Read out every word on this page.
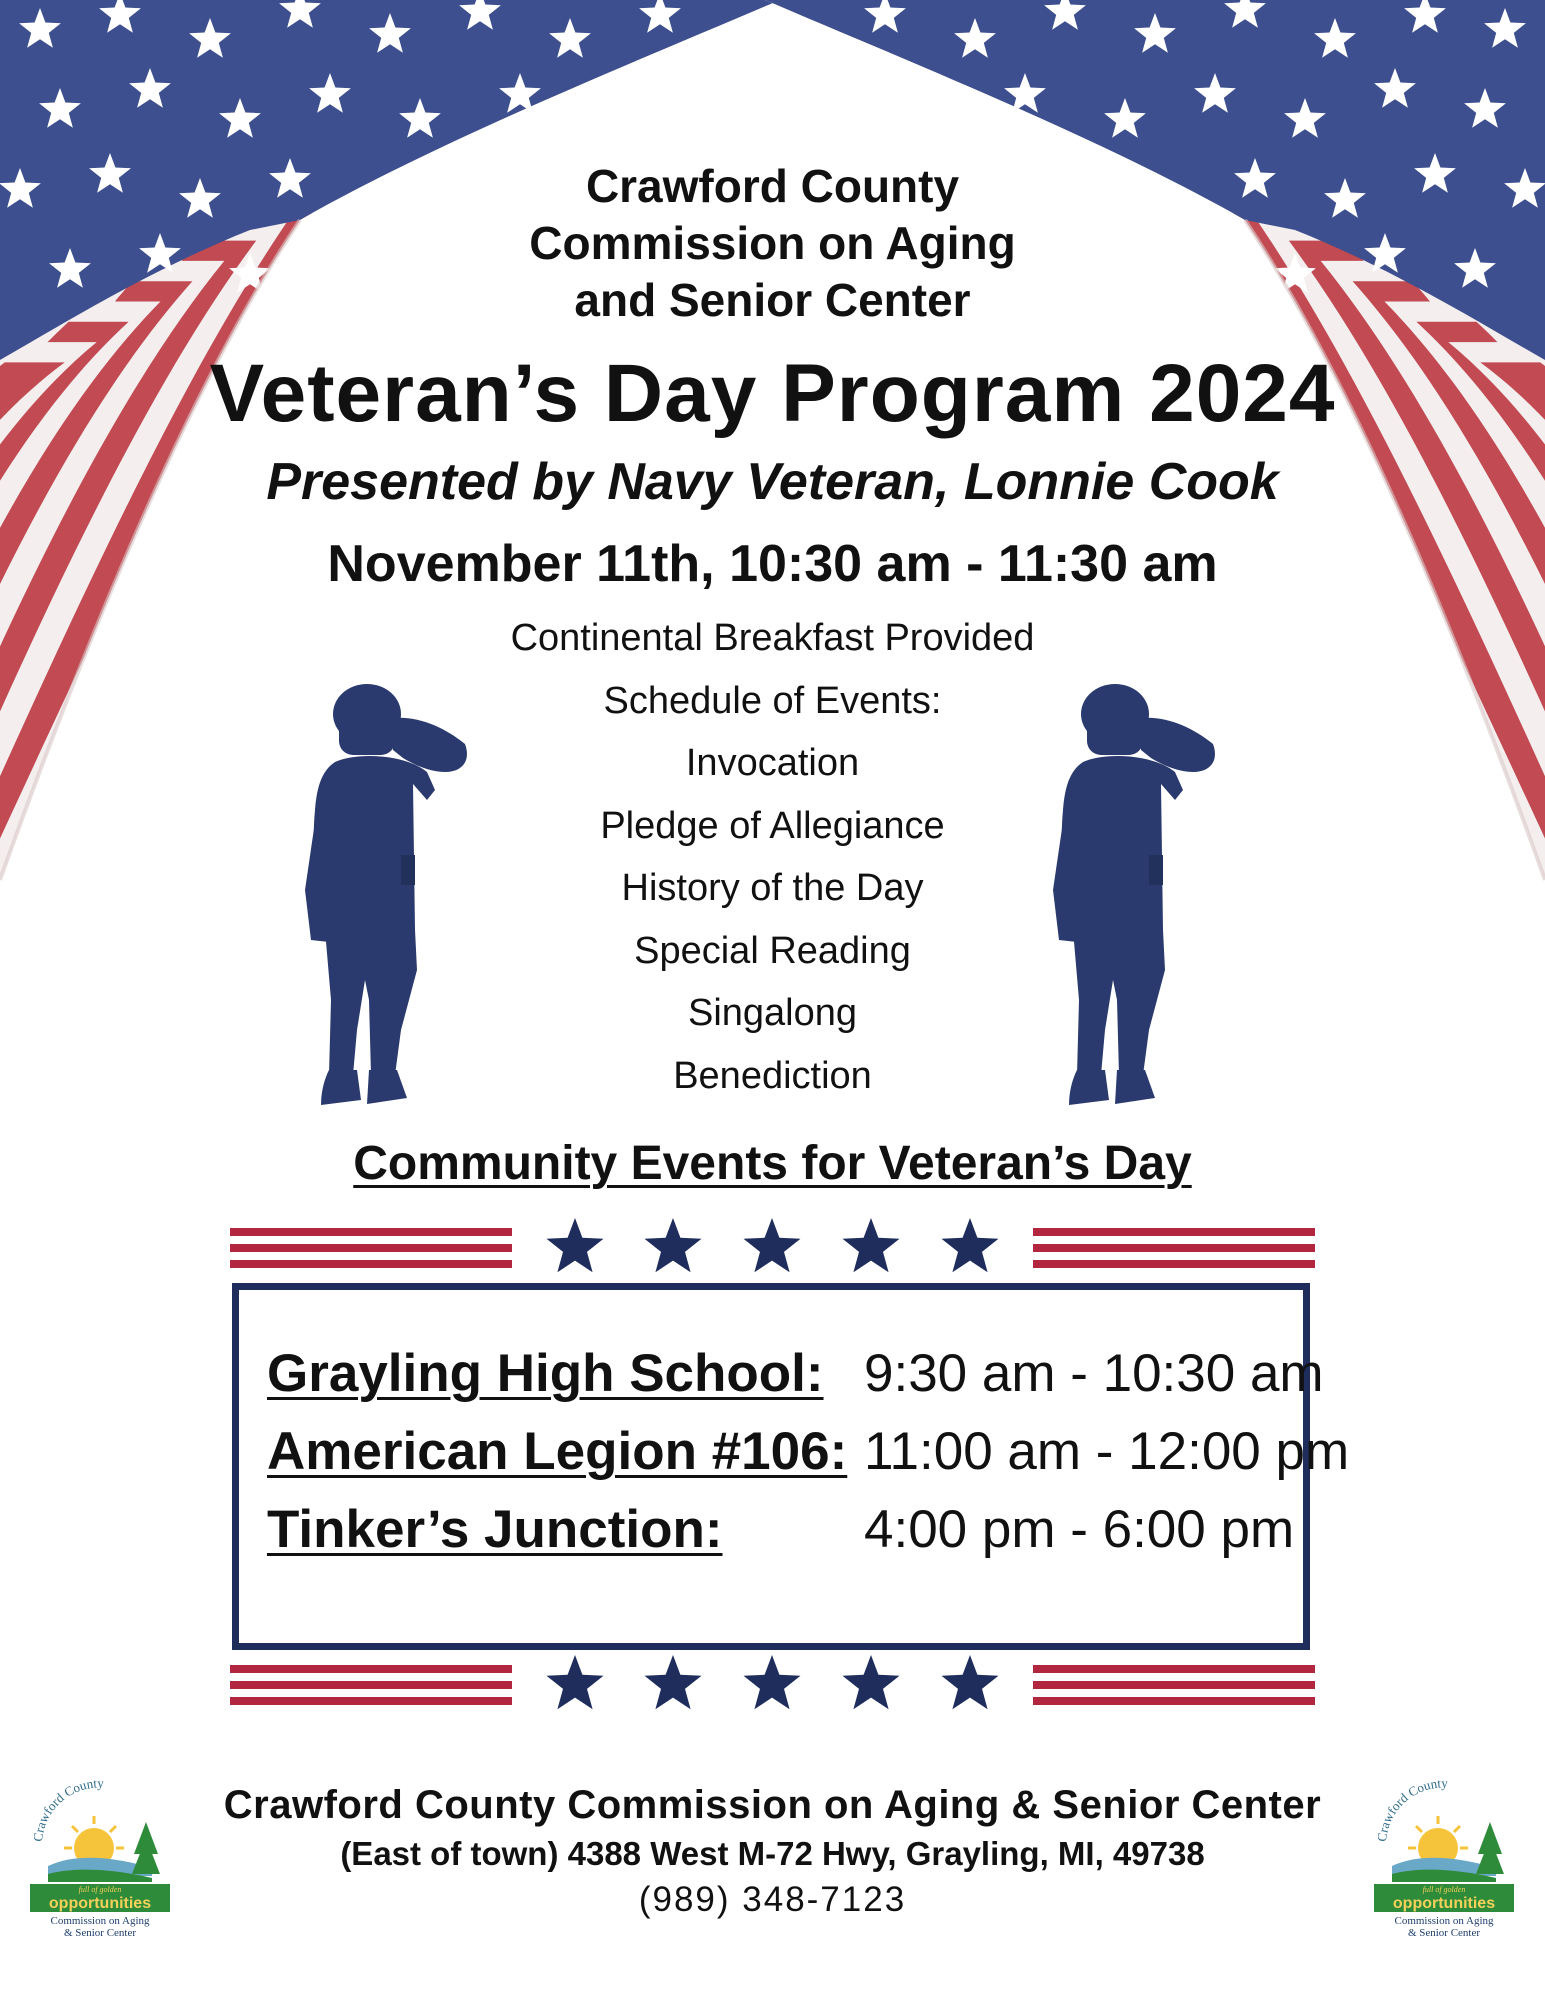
Crawford County
Commission on Aging
and Senior Center
Veteran’s Day Program 2024
Presented by Navy Veteran, Lonnie Cook
November 11th, 10:30 am - 11:30 am
Continental Breakfast Provided
Schedule of Events:
Invocation
Pledge of Allegiance
History of the Day
Special Reading
Singalong
Benediction
Community Events for Veteran’s Day
Grayling High School: 9:30 am - 10:30 am
American Legion #106: 11:00 am - 12:00 pm
Tinker’s Junction:	4:00 pm - 6:00 pm
Crawford County Commission on Aging & Senior Center
(East of town) 4388 West M-72 Hwy, Grayling, MI, 49738
(989) 348-7123
Crawford County
full of golden
opportunities
Commission on Aging
& Senior Center
Crawford County
full of golden
opportunities
Commission on Aging
& Senior Center
